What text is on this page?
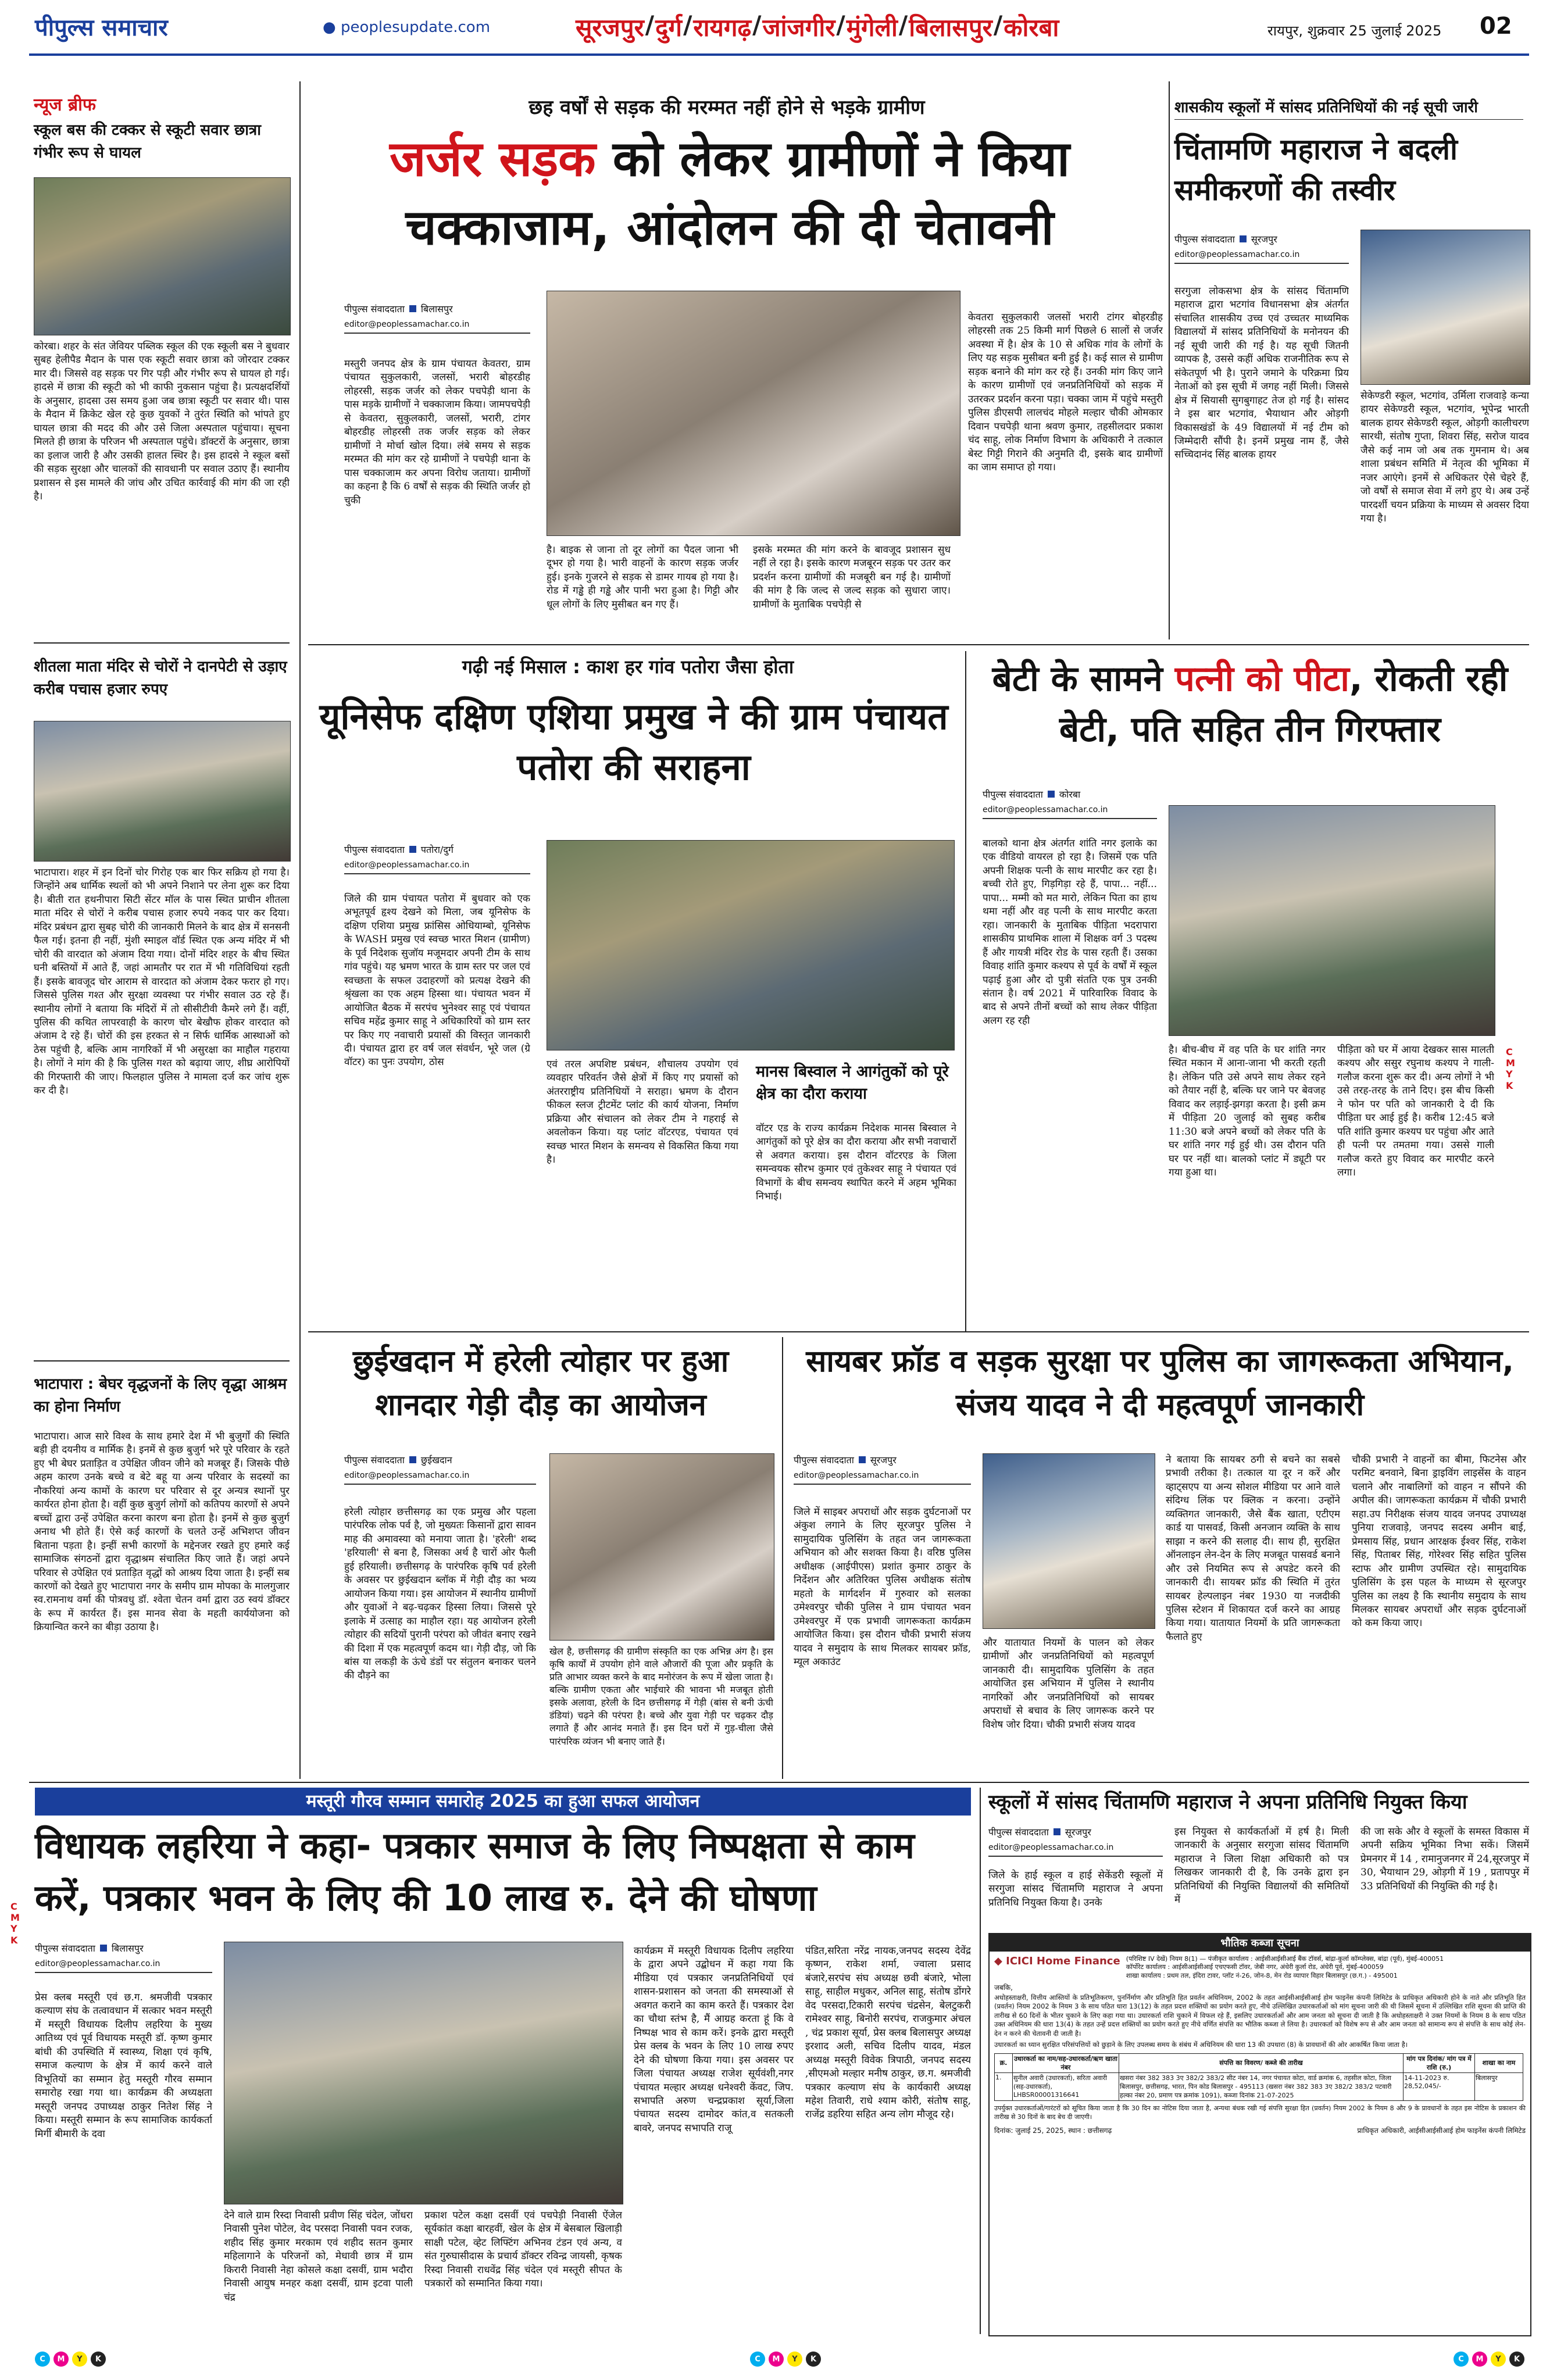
पीपुल्स समाचार	● peoplesupdate.com	सूरजपुर / दुर्ग / रायगढ़ / जांजगीर / मुंगेली / बिलासपुर / कोरबा	रायपुर, शुक्रवार 25 जुलाई 2025 02
न्यूज ब्रीफ
स्कूल बस की टक्कर से स्कूटी सवार छात्रा गंभीर रूप से घायल
कोरबा। शहर के संत जेवियर पब्लिक स्कूल की एक स्कूली बस ने बुधवार सुबह हेलीपैड मैदान के पास एक स्कूटी सवार छात्रा को जोरदार टक्कर मार दी। जिससे वह सड़क पर गिर पड़ी और गंभीर रूप से घायल हो गई। हादसे में छात्रा की स्कूटी को भी काफी नुकसान पहुंचा है। प्रत्यक्षदर्शियों के अनुसार, हादसा उस समय हुआ जब छात्रा स्कूटी पर सवार थी। पास के मैदान में क्रिकेट खेल रहे कुछ युवकों ने तुरंत स्थिति को भांपते हुए घायल छात्रा की मदद की और उसे जिला अस्पताल पहुंचाया। सूचना मिलते ही छात्रा के परिजन भी अस्पताल पहुंचे। डॉक्टरों के अनुसार, छात्रा का इलाज जारी है और उसकी हालत स्थिर है। इस हादसे ने स्कूल बसों की सड़क सुरक्षा और चालकों की सावधानी पर सवाल उठाए हैं। स्थानीय प्रशासन से इस मामले की जांच और उचित कार्रवाई की मांग की जा रही है।
शीतला माता मंदिर से चोरों ने दानपेटी से उड़ाए करीब पचास हजार रुपए
भाटापारा। शहर में इन दिनों चोर गिरोह एक बार फिर सक्रिय हो गया है। जिन्होंने अब धार्मिक स्थलों को भी अपने निशाने पर लेना शुरू कर दिया है। बीती रात हथनीपारा सिटी सेंटर मॉल के पास स्थित प्राचीन शीतला माता मंदिर से चोरों ने करीब पचास हजार रुपये नकद पार कर दिया। मंदिर प्रबंधन द्वारा सुबह चोरी की जानकारी मिलने के बाद क्षेत्र में सनसनी फैल गई। इतना ही नहीं, मुंशी स्माइल वॉर्ड स्थित एक अन्य मंदिर में भी चोरी की वारदात को अंजाम दिया गया। दोनों मंदिर शहर के बीच स्थित घनी बस्तियों में आते हैं, जहां आमतौर पर रात में भी गतिविधियां रहती हैं। इसके बावजूद चोर आराम से वारदात को अंजाम देकर फरार हो गए। जिससे पुलिस गश्त और सुरक्षा व्यवस्था पर गंभीर सवाल उठ रहे हैं। स्थानीय लोगों ने बताया कि मंदिरों में तो सीसीटीवी कैमरे लगे हैं। वहीं, पुलिस की कथित लापरवाही के कारण चोर बेखौफ होकर वारदात को अंजाम दे रहे हैं। चोरों की इस हरकत से न सिर्फ धार्मिक आस्थाओं को ठेस पहुंची है, बल्कि आम नागरिकों में भी असुरक्षा का माहौल गहराया है। लोगों ने मांग की है कि पुलिस गश्त को बढ़ाया जाए, शीघ्र आरोपियों की गिरफ्तारी की जाए। फिलहाल पुलिस ने मामला दर्ज कर जांच शुरू कर दी है।
भाटापारा : बेघर वृद्धजनों के लिए वृद्धा आश्रम का होना निर्माण
भाटापारा। आज सारे विश्व के साथ हमारे देश में भी बुजुर्गों की स्थिति बड़ी ही दयनीय व मार्मिक है। इनमें से कुछ बुजुर्ग भरे पूरे परिवार के रहते हुए भी बेघर प्रताड़ित व उपेक्षित जीवन जीने को मजबूर हैं। जिसके पीछे अहम कारण उनके बच्चे व बेटे बहू या अन्य परिवार के सदस्यों का नौकरियां अन्य कामों के कारण घर परिवार से दूर अन्यत्र स्थानों पुर कार्यरत होना होता है। वहीं कुछ बुजुर्ग लोगों को कतिपय कारणों से अपने बच्चों द्वारा उन्हें उपेक्षित करना कारण बना होता है। इनमें से कुछ बुजुर्ग अनाथ भी होते हैं। ऐसे कई कारणों के चलते उन्हें अभिशप्त जीवन बिताना पड़ता है। इन्हीं सभी कारणों के मद्देनजर रखते हुए हमारे कई सामाजिक संगठनों द्वारा वृद्धाश्रम संचालित किए जाते हैं। जहां अपने परिवार से उपेक्षित एवं प्रताड़ित वृद्धों को आश्रय दिया जाता है। इन्हीं सब कारणों को देखते हुए भाटापारा नगर के समीप ग्राम मोपका के मालगुजार स्व.रामनाथ वर्मा की पोत्रवधु डॉ. श्वेता चेतन वर्मा द्वारा उठ स्वयं डॉक्टर के रूप में कार्यरत हैं। इस मानव सेवा के महती कार्ययोजना को क्रियान्वित करने का बीड़ा उठाया है।
छह वर्षों से सड़क की मरम्मत नहीं होने से भड़के ग्रामीण
जर्जर सड़क को लेकर ग्रामीणों ने किया चक्काजाम, आंदोलन की दी चेतावनी
पीपुल्स संवाददाता बिलासपुर
editor@peoplessamachar.co.in
मस्तुरी जनपद क्षेत्र के ग्राम पंचायत केवतरा, ग्राम पंचायत सुकुलकारी, जलसों, भरारी बोहरडीह लोहरसी, सड़क जर्जर को लेकर पचपेड़ी थाना के पास मड़के ग्रामीणों ने चक्काजाम किया। जामपचपेड़ी से केवतरा, सुकुलकारी, जलसों, भरारी, टांगर बोहरडीह लोहरसी तक जर्जर सड़क को लेकर ग्रामीणों ने मोर्चा खोल दिया। लंबे समय से सड़क मरम्मत की मांग कर रहे ग्रामीणों ने पचपेड़ी थाना के पास चक्काजाम कर अपना विरोध जताया। ग्रामीणों का कहना है कि 6 वर्षों से सड़क की स्थिति जर्जर हो चुकी
है। बाइक से जाना तो दूर लोगों का पैदल जाना भी दूभर हो गया है। भारी वाहनों के कारण सड़क जर्जर हुई। इनके गुजरने से सड़क से डामर गायब हो गया है। रोड में गड्ढे ही गड्ढे और पानी भरा हुआ है। गिट्टी और धूल लोगों के लिए मुसीबत बन गए हैं।
इसके मरम्मत की मांग करने के बावजूद प्रशासन सुध नहीं ले रहा है। इसके कारण मजबूरन सड़क पर उतर कर प्रदर्शन करना ग्रामीणों की मजबूरी बन गई है। ग्रामीणों की मांग है कि जल्द से जल्द सड़क को सुधारा जाए। ग्रामीणों के मुताबिक पचपेड़ी से
केवतरा सुकुलकारी जलसों भरारी टांगर बोहरडीह लोहरसी तक 25 किमी मार्ग पिछले 6 सालों से जर्जर अवस्था में है। क्षेत्र के 10 से अधिक गांव के लोगों के लिए यह सड़क मुसीबत बनी हुई है। कई साल से ग्रामीण सड़क बनाने की मांग कर रहे हैं। उनकी मांग किए जाने के कारण ग्रामीणों एवं जनप्रतिनिधियों को सड़क में उतरकर प्रदर्शन करना पड़ा। चक्का जाम में पहुंचे मस्तुरी पुलिस डीएसपी लालचंद मोहले मल्हार चौकी ओमकार दिवान पचपेड़ी थाना श्रवण कुमार, तहसीलदार प्रकाश चंद साहू, लोक निर्माण विभाग के अधिकारी ने तत्काल बेस्ट गिट्टी गिराने की अनुमति दी, इसके बाद ग्रामीणों का जाम समाप्त हो गया।
शासकीय स्कूलों में सांसद प्रतिनिधियों की नई सूची जारी
चिंतामणि महाराज ने बदली समीकरणों की तस्वीर
पीपुल्स संवाददाता सूरजपुर
editor@peoplessamachar.co.in
सरगुजा लोकसभा क्षेत्र के सांसद चिंतामणि महाराज द्वारा भटगांव विधानसभा क्षेत्र अंतर्गत संचालित शासकीय उच्च एवं उच्चतर माध्यमिक विद्यालयों में सांसद प्रतिनिधियों के मनोनयन की नई सूची जारी की गई है। यह सूची जितनी व्यापक है, उससे कहीं अधिक राजनीतिक रूप से संकेतपूर्ण भी है। पुराने जमाने के परिक्रमा प्रिय नेताओं को इस सूची में जगह नहीं मिली। जिससे क्षेत्र में सियासी सुगबुगाहट तेज हो गई है। सांसद ने इस बार भटगांव, भैयाथान और ओड़गी विकासखंडों के 49 विद्यालयों में नई टीम को जिम्मेदारी सौंपी है। इनमें प्रमुख नाम हैं, जैसे सच्चिदानंद सिंह बालक हायर
सेकेण्डरी स्कूल, भटगांव, उर्मिला राजवाड़े कन्या हायर सेकेण्डरी स्कूल, भटगांव, भूपेन्द्र भारती बालक हायर सेकेण्डरी स्कूल, ओड़गी कालीचरण सारथी, संतोष गुप्ता, शिवरा सिंह, सरोज यादव जैसे कई नाम जो अब तक गुमनाम थे। अब शाला प्रबंधन समिति में नेतृत्व की भूमिका में नजर आएंगे। इनमें से अधिकतर ऐसे चेहरे हैं, जो वर्षों से समाज सेवा में लगे हुए थे। अब उन्हें पारदर्शी चयन प्रक्रिया के माध्यम से अवसर दिया गया है।
गढ़ी नई मिसाल : काश हर गांव पतोरा जैसा होता
यूनिसेफ दक्षिण एशिया प्रमुख ने की ग्राम पंचायत पतोरा की सराहना
पीपुल्स संवाददाता पतोरा/दुर्ग
editor@peoplessamachar.co.in
जिले की ग्राम पंचायत पतोरा में बुधवार को एक अभूतपूर्व हृश्य देखने को मिला, जब यूनिसेफ के दक्षिण एशिया प्रमुख फ्रांसिस ओधियाम्बो, यूनिसेफ के WASH प्रमुख एवं स्वच्छ भारत मिशन (ग्रामीण) के पूर्व निदेशक सुजॉय मजूमदार अपनी टीम के साथ गांव पहुंचे। यह भ्रमण भारत के ग्राम स्तर पर जल एवं स्वच्छता के सफल उदाहरणों को प्रत्यक्ष देखने की श्रृंखला का एक अहम हिस्सा था। पंचायत भवन में आयोजित बैठक में सरपंच भुनेश्वर साहू एवं पंचायत सचिव महेंद्र कुमार साहू ने अधिकारियों को ग्राम स्तर पर किए गए नवाचारी प्रयासों की विस्तृत जानकारी दी। पंचायत द्वारा हर वर्ष जल संवर्धन, भूरे जल (ग्रे वॉटर) का पुनः उपयोग, ठोस	एवं तरल अपशिष्ट प्रबंधन, शौचालय उपयोग एवं व्यवहार परिवर्तन जैसे क्षेत्रों में किए गए प्रयासों को अंतरराष्ट्रीय प्रतिनिधियों ने सराहा। भ्रमण के दौरान फीकल स्लज ट्रीटमेंट प्लांट की कार्य योजना, निर्माण प्रक्रिया और संचालन को लेकर टीम ने गहराई से अवलोकन किया। यह प्लांट वॉटरएड, पंचायत एवं स्वच्छ भारत मिशन के समन्वय से विकसित किया गया है।
मानस बिस्वाल ने आगंतुकों को पूरे क्षेत्र का दौरा कराया
वॉटर एड के राज्य कार्यक्रम निदेशक मानस बिस्वाल ने आगंतुकों को पूरे क्षेत्र का दौरा कराया और सभी नवाचारों से अवगत कराया। इस दौरान वॉटरएड के जिला समन्वयक सौरभ कुमार एवं तुकेश्वर साहू ने पंचायत एवं विभागों के बीच समन्वय स्थापित करने में अहम भूमिका निभाई।
बेटी के सामने पत्नी को पीटा, रोकती रही बेटी, पति सहित तीन गिरफ्तार
पीपुल्स संवाददाता कोरबा
editor@peoplessamachar.co.in
बालको थाना क्षेत्र अंतर्गत शांति नगर इलाके का एक वीडियो वायरल हो रहा है। जिसमें एक पति अपनी शिक्षक पत्नी के साथ मारपीट कर रहा है। बच्ची रोते हुए, गिड़गिड़ा रहे हैं, पापा... नहीं... पापा... मम्मी को मत मारो, लेकिन पिता का हाथ थमा नहीं और वह पत्नी के साथ मारपीट करता रहा। जानकारी के मुताबिक पीड़िता भदरापारा शासकीय प्राथमिक शाला में शिक्षक वर्ग 3 पदस्थ हैं और गायत्री मंदिर रोड के पास रहती हैं। उसका विवाह शांति कुमार कश्यप से पूर्व के वर्षों में स्कूल पढ़ाई हुआ और दो पुत्री संतति एक पुत्र उनकी संतान है। वर्ष 2021 में पारिवारिक विवाद के बाद से अपने तीनों बच्चों को साथ लेकर पीड़िता अलग रह रही
है। बीच-बीच में वह पति के घर शांति नगर स्थित मकान में आना-जाना भी करती रहती है। लेकिन पति उसे अपने साथ लेकर रहने को तैयार नहीं है, बल्कि घर जाने पर बेवजह विवाद कर लड़ाई-झगड़ा करता है। इसी क्रम में पीड़िता 20 जुलाई को सुबह करीब 11:30 बजे अपने बच्चों को लेकर पति के घर शांति नगर गई हुई थी। उस दौरान पति घर पर नहीं था। बालको प्लांट में ड्यूटी पर गया हुआ था।
पीड़िता को घर में आया देखकर सास मालती कश्यप और ससुर रघुनाथ कश्यप ने गाली-गलौज करना शुरू कर दी। अन्य लोगों ने भी उसे तरह-तरह के ताने दिए। इस बीच किसी ने फोन पर पति को जानकारी दे दी कि पीड़िता घर आई हुई है। करीब 12:45 बजे पति शांति कुमार कश्यप घर पहुंचा और आते ही पत्नी पर तमतमा गया। उससे गाली गलौज करते हुए विवाद कर मारपीट करने लगा।
C
M
Y
K
छुईखदान में हरेली त्योहार पर हुआ शानदार गेड़ी दौड़ का आयोजन
पीपुल्स संवाददाता छुईखदान
editor@peoplessamachar.co.in
हरेली त्योहार छत्तीसगढ़ का एक प्रमुख और पहला पारंपरिक लोक पर्व है, जो मुख्यतः किसानों द्वारा सावन माह की अमावस्या को मनाया जाता है। 'हरेली' शब्द 'हरियाली' से बना है, जिसका अर्थ है चारों ओर फैली हुई हरियाली। छत्तीसगढ़ के पारंपरिक कृषि पर्व हरेली के अवसर पर छुईखदान ब्लॉक में गेड़ी दौड़ का भव्य आयोजन किया गया। इस आयोजन में स्थानीय ग्रामीणों और युवाओं ने बढ़-चढ़कर हिस्सा लिया। जिससे पूरे इलाके में उत्साह का माहौल रहा। यह आयोजन हरेली त्योहार की सदियों पुरानी परंपरा को जीवंत बनाए रखने की दिशा में एक महत्वपूर्ण कदम था। गेड़ी दौड़, जो कि बांस या लकड़ी के ऊंचे डंडों पर संतुलन बनाकर चलने की दौड़ने का
खेल है, छत्तीसगढ़ की ग्रामीण संस्कृति का एक अभिन्न अंग है। इस कृषि कार्यों में उपयोग होने वाले औजारों की पूजा और प्रकृति के प्रति आभार व्यक्त करने के बाद मनोरंजन के रूप में खेला जाता है। बल्कि ग्रामीण एकता और भाईचारे की भावना भी मजबूत होती इसके अलावा, हरेली के दिन छत्तीसगढ़ में गेड़ी (बांस से बनी ऊंची डंडियां) चढ़ने की परंपरा है। बच्चे और युवा गेड़ी पर चढ़कर दौड़ लगाते हैं और आनंद मनाते हैं। इस दिन घरों में गुड़-चीला जैसे पारंपरिक व्यंजन भी बनाए जाते हैं।
सायबर फ्रॉड व सड़क सुरक्षा पर पुलिस का जागरूकता अभियान, संजय यादव ने दी महत्वपूर्ण जानकारी
पीपुल्स संवाददाता सूरजपुर
editor@peoplessamachar.co.in
जिले में साइबर अपराधों और सड़क दुर्घटनाओं पर अंकुश लगाने के लिए सूरजपुर पुलिस ने सामुदायिक पुलिसिंग के तहत जन जागरूकता अभियान को और सशक्त किया है। वरिष्ठ पुलिस अधीक्षक (आईपीएस) प्रशांत कुमार ठाकुर के निर्देशन और अतिरिक्त पुलिस अधीक्षक संतोष महतो के मार्गदर्शन में गुरुवार को सलका उमेश्वरपुर चौकी पुलिस ने ग्राम पंचायत भवन उमेश्वरपुर में एक प्रभावी जागरूकता कार्यक्रम आयोजित किया। इस दौरान चौकी प्रभारी संजय यादव ने समुदाय के साथ मिलकर सायबर फ्रॉड, म्यूल अकाउंट
और यातायात नियमों के पालन को लेकर ग्रामीणों और जनप्रतिनिधियों को महत्वपूर्ण जानकारी दी। सामुदायिक पुलिसिंग के तहत आयोजित इस अभियान में पुलिस ने स्थानीय नागरिकों और जनप्रतिनिधियों को सायबर अपराधों से बचाव के लिए जागरूक करने पर विशेष जोर दिया। चौकी प्रभारी संजय यादव
ने बताया कि सायबर ठगी से बचने का सबसे प्रभावी तरीका है। तत्काल या दूर न करें और व्हाट्सएप या अन्य सोशल मीडिया पर आने वाले संदिग्ध लिंक पर क्लिक न करना। उन्होंने व्यक्तिगत जानकारी, जैसे बैंक खाता, एटीएम कार्ड या पासवर्ड, किसी अनजान व्यक्ति के साथ साझा न करने की सलाह दी। साथ ही, सुरक्षित ऑनलाइन लेन-देन के लिए मजबूत पासवर्ड बनाने और उसे नियमित रूप से अपडेट करने की जानकारी दी। सायबर फ्रॉड की स्थिति में तुरंत सायबर हेल्पलाइन नंबर 1930 या नजदीकी पुलिस स्टेशन में शिकायत दर्ज करने का आग्रह किया गया। यातायात नियमों के प्रति जागरूकता फैलाते हुए
चौकी प्रभारी ने वाहनों का बीमा, फिटनेस और परमिट बनवाने, बिना ड्राइविंग लाइसेंस के वाहन चलाने और नाबालिगों को वाहन न सौंपने की अपील की। जागरूकता कार्यक्रम में चौकी प्रभारी सहा.उप निरीक्षक संजय यादव जनपद उपाध्यक्ष पुनिया राजवाड़े, जनपद सदस्य अमीन बाई, प्रेमसाय सिंह, प्रधान आरक्षक ईश्वर सिंह, राकेश सिंह, पिताबर सिंह, गोरेश्वर सिंह सहित पुलिस स्टाफ और ग्रामीण उपस्थित रहे। सामुदायिक पुलिसिंग के इस पहल के माध्यम से सूरजपुर पुलिस का लक्ष्य है कि स्थानीय समुदाय के साथ मिलकर सायबर अपराधों और सड़क दुर्घटनाओं को कम किया जाए।
मस्तूरी गौरव सम्मान समारोह 2025 का हुआ सफल आयोजन
विधायक लहरिया ने कहा- पत्रकार समाज के लिए निष्पक्षता से काम करें, पत्रकार भवन के लिए की 10 लाख रु. देने की घोषणा
C
M
Y
K
पीपुल्स संवाददाता बिलासपुर
editor@peoplessamachar.co.in
प्रेस क्लब मस्तूरी एवं छ.ग. श्रमजीवी पत्रकार कल्याण संघ के तत्वावधान में सत्कार भवन मस्तूरी में मस्तूरी विधायक दिलीप लहरिया के मुख्य आतिथ्य एवं पूर्व विधायक मस्तूरी डॉ. कृष्ण कुमार बांधी की उपस्थिति में स्वास्थ्य, शिक्षा एवं कृषि, समाज कल्याण के क्षेत्र में कार्य करने वाले विभूतियों का सम्मान हेतु मस्तूरी गौरव सम्मान समारोह रखा गया था। कार्यक्रम की अध्यक्षता मस्तूरी जनपद उपाध्यक्ष ठाकुर नितेश सिंह ने किया। मस्तूरी सम्मान के रूप सामाजिक कार्यकर्ता मिर्गी बीमारी के दवा
देने वाले ग्राम रिस्दा निवासी प्रवीण सिंह चंदेल, जोंधरा निवासी पुनेश पोटेल, वेद परसदा निवासी पवन रजक, शहीद सिंह कुमार मरकाम एवं शहीद सतन कुमार महिलागाने के परिजनों को, मेधावी छात्र में ग्राम किरारी निवासी नेहा कोसले कक्षा दसवीं, ग्राम भदौरा निवासी आयुष मनहर कक्षा दसवीं, ग्राम इटवा पाली चंद्र
प्रकाश पटेल कक्षा दसवीं एवं पचपेड़ी निवासी ऐंजेल सूर्यकांत कक्षा बारहवीं, खेल के क्षेत्र में बेसबाल खिलाड़ी साक्षी पटेल, व्हेट लिफ्टिंग अभिनव टंडन एवं अन्य, व संत गुरुघासीदास के प्रचार्य डॉक्टर रविन्द्र जायसी, कृषक रिस्दा निवासी राधवेंद्र सिंह चंदेल एवं मस्तूरी सीपत के पत्रकारों को सम्मानित किया गया।
कार्यक्रम में मस्तूरी विधायक दिलीप लहरिया के द्वारा अपने उद्बोधन में कहा गया कि मीडिया एवं पत्रकार जनप्रतिनिधियों एवं शासन-प्रशासन को जनता की समस्याओं से अवगत कराने का काम करते हैं। पत्रकार देश का चौथा स्तंभ है, मैं आग्रह करता हूं कि वे निष्पक्ष भाव से काम करें। इनके द्वारा मस्तूरी प्रेस क्लब के भवन के लिए 10 लाख रुपए देने की घोषणा किया गया। इस अवसर पर जिला पंचायत अध्यक्ष राजेश सूर्यवंशी,नगर पंचायत मल्हार अध्यक्ष धनेश्वरी केंवट, जिप. सभापति अरुण चन्द्रप्रकाश सूर्या,जिला पंचायत सदस्य दामोदर कांत,व सतकली बावरे, जनपद सभापति राजू
पंडित,सरिता नरेंद्र नायक,जनपद सदस्य देवेंद्र कृष्णन, राकेश शर्मा, ज्वाला प्रसाद बंजारे,सरपंच संघ अध्यक्ष छवी बंजारे, भोला साहू, साहील मधुकर, अनिल साहू, संतोष डोंगरे वेद परसदा,टिकारी सरपंच चंद्रसेन, बेलटुकरी रामेश्वर साहू, बिनोरी सरपंच, राजकुमार अंचल , चंद्र प्रकाश सूर्या, प्रेस क्लब बिलासपुर अध्यक्ष इरशाद अली, सचिव दिलीप यादव, मंडल अध्यक्ष मस्तूरी विवेक त्रिपाठी, जनपद सदस्य ,सीएमओ मल्हार मनीष ठाकुर, छ.ग. श्रमजीवी पत्रकार कल्याण संघ के कार्यकारी अध्यक्ष महेश तिवारी, राधे श्याम कोरी, संतोष साहू, राजेंद्र डहरिया सहित अन्य लोग मौजूद रहे।
स्कूलों में सांसद चिंतामणि महाराज ने अपना प्रतिनिधि नियुक्त किया
पीपुल्स संवाददाता सूरजपुर
editor@peoplessamachar.co.in
जिले के हाई स्कूल व हाई सेकेंडरी स्कूलों में सरगुजा सांसद चिंतामणि महाराज ने अपना प्रतिनिधि नियुक्त किया है। उनके
इस नियुक्त से कार्यकर्ताओं में हर्ष है। मिली जानकारी के अनुसार सरगुजा सांसद चिंतामणि महाराज ने जिला शिक्षा अधिकारी को पत्र लिखकर जानकारी दी है, कि उनके द्वारा इन प्रतिनिधियों की नियुक्ति विद्यालयों की समितियों में
की जा सके और वे स्कूलों के समस्त विकास में अपनी सक्रिय भूमिका निभा सकें। जिसमें प्रेमनगर में 14 , रामानुजनगर में 24,सूरजपुर में 30, भैयाथान 29, ओड़गी में 19 , प्रतापपुर में 33 प्रतिनिधियों की नियुक्ति की गई है।
भौतिक कब्जा सूचना
◆ ICICI Home Finance (परिशिष्ट IV देखें) नियम 8(1) — पंजीकृत कार्यालय : आईसीआईसीआई बैंक टॉवर्स, बांद्रा-कुर्ला कॉम्प्लेक्स, बांद्रा (पूर्व), मुंबई-400051
कॉर्पोरेट कार्यालय : आईसीआईसीआई एचएफसी टॉवर, जेबी नगर, अंधेरी कुर्ला रोड, अंधेरी पूर्व, मुंबई-400059
शाखा कार्यालय : प्रथम तल, इंदिरा टावर, प्लॉट नं-26, जोन-8, मेन रोड व्यापार विहार बिलासपुर (छ.ग.) - 495001
जबकि,
अधोहस्ताक्षरी, वित्तीय आस्तियों के प्रतिभूतिकरण, पुनर्निर्माण और प्रतिभूति हित प्रवर्तन अधिनियम, 2002 के तहत आईसीआईसीआई होम फाइनेंस कंपनी लिमिटेड के प्राधिकृत अधिकारी होने के नाते और प्रतिभूति हित (प्रवर्तन) नियम 2002 के नियम 3 के साथ पठित धारा 13(12) के तहत प्रदत्त शक्तियों का प्रयोग करते हुए, नीचे उल्लिखित उधारकर्ताओं को मांग सूचना जारी की थी जिसमें सूचना में उल्लिखित राशि सूचना की प्राप्ति की तारीख से 60 दिनों के भीतर चुकाने के लिए कहा गया था। उधारकर्ता राशि चुकाने में विफल रहे हैं, इसलिए उधारकर्ताओं और आम जनता को सूचना दी जाती है कि अधोहस्ताक्षरी ने उक्त नियमों के नियम 8 के साथ पठित उक्त अधिनियम की धारा 13(4) के तहत उन्हें प्रदत्त शक्तियों का प्रयोग करते हुए नीचे वर्णित संपत्ति का भौतिक कब्जा ले लिया है। उधारकर्ता को विशेष रूप से और आम जनता को सामान्य रूप से संपत्ति के साथ कोई लेन-देन न करने की चेतावनी दी जाती है।
उधारकर्ता का ध्यान सुरक्षित परिसंपत्तियों को छुड़ाने के लिए उपलब्ध समय के संबंध में अधिनियम की धारा 13 की उपधारा (8) के प्रावधानों की ओर आकर्षित किया जाता है।
क्र.	उधारकर्ता का नाम/सह-उधारकर्ता/ऋण खाता नंबर	संपत्ति का विवरण/ कब्जे की तारीख	मांग पत्र दिनांक/ मांग पत्र में राशि (रु.)	शाखा का नाम
1.	सुनील अवारी (उधारकर्ता), सरिता अवारी (सह-उधारकर्ता), LHBSR00001316641	खसरा नंबर 382 383 3ए 382/2 383/2 सीट नंबर 14, नगर पंचायत कोटा, वार्ड क्रमांक 6, तहसील कोटा, जिला बिलासपुर, छत्तीसगढ़, भारत, पिन कोड बिलासपुर - 495113 (खसरा नंबर 382 383 3ए 382/2 383/2 पटवारी हल्का नंबर 20, प्रमाण पत्र क्रमांक 1091), कब्जा दिनांक 21-07-2025	14-11-2023 रु. 28,52,045/-	बिलासपुर
उपर्युक्त उधारकर्ताओं/गारंटरों को सूचित किया जाता है कि 30 दिन का नोटिस दिया जाता है, अन्यथा बंधक रखी गई संपत्ति सुरक्षा हित (प्रवर्तन) नियम 2002 के नियम 8 और 9 के प्रावधानों के तहत इस नोटिस के प्रकाशन की तारीख से 30 दिनों के बाद बेच दी जाएगी।
दिनांक: जुलाई 25, 2025, स्थान : छत्तीसगढ़	प्राधिकृत अधिकारी, आईसीआईसीआई होम फाइनेंस कंपनी लिमिटेड
C	M	Y	K	C	M	Y	K	C	M	Y	K
